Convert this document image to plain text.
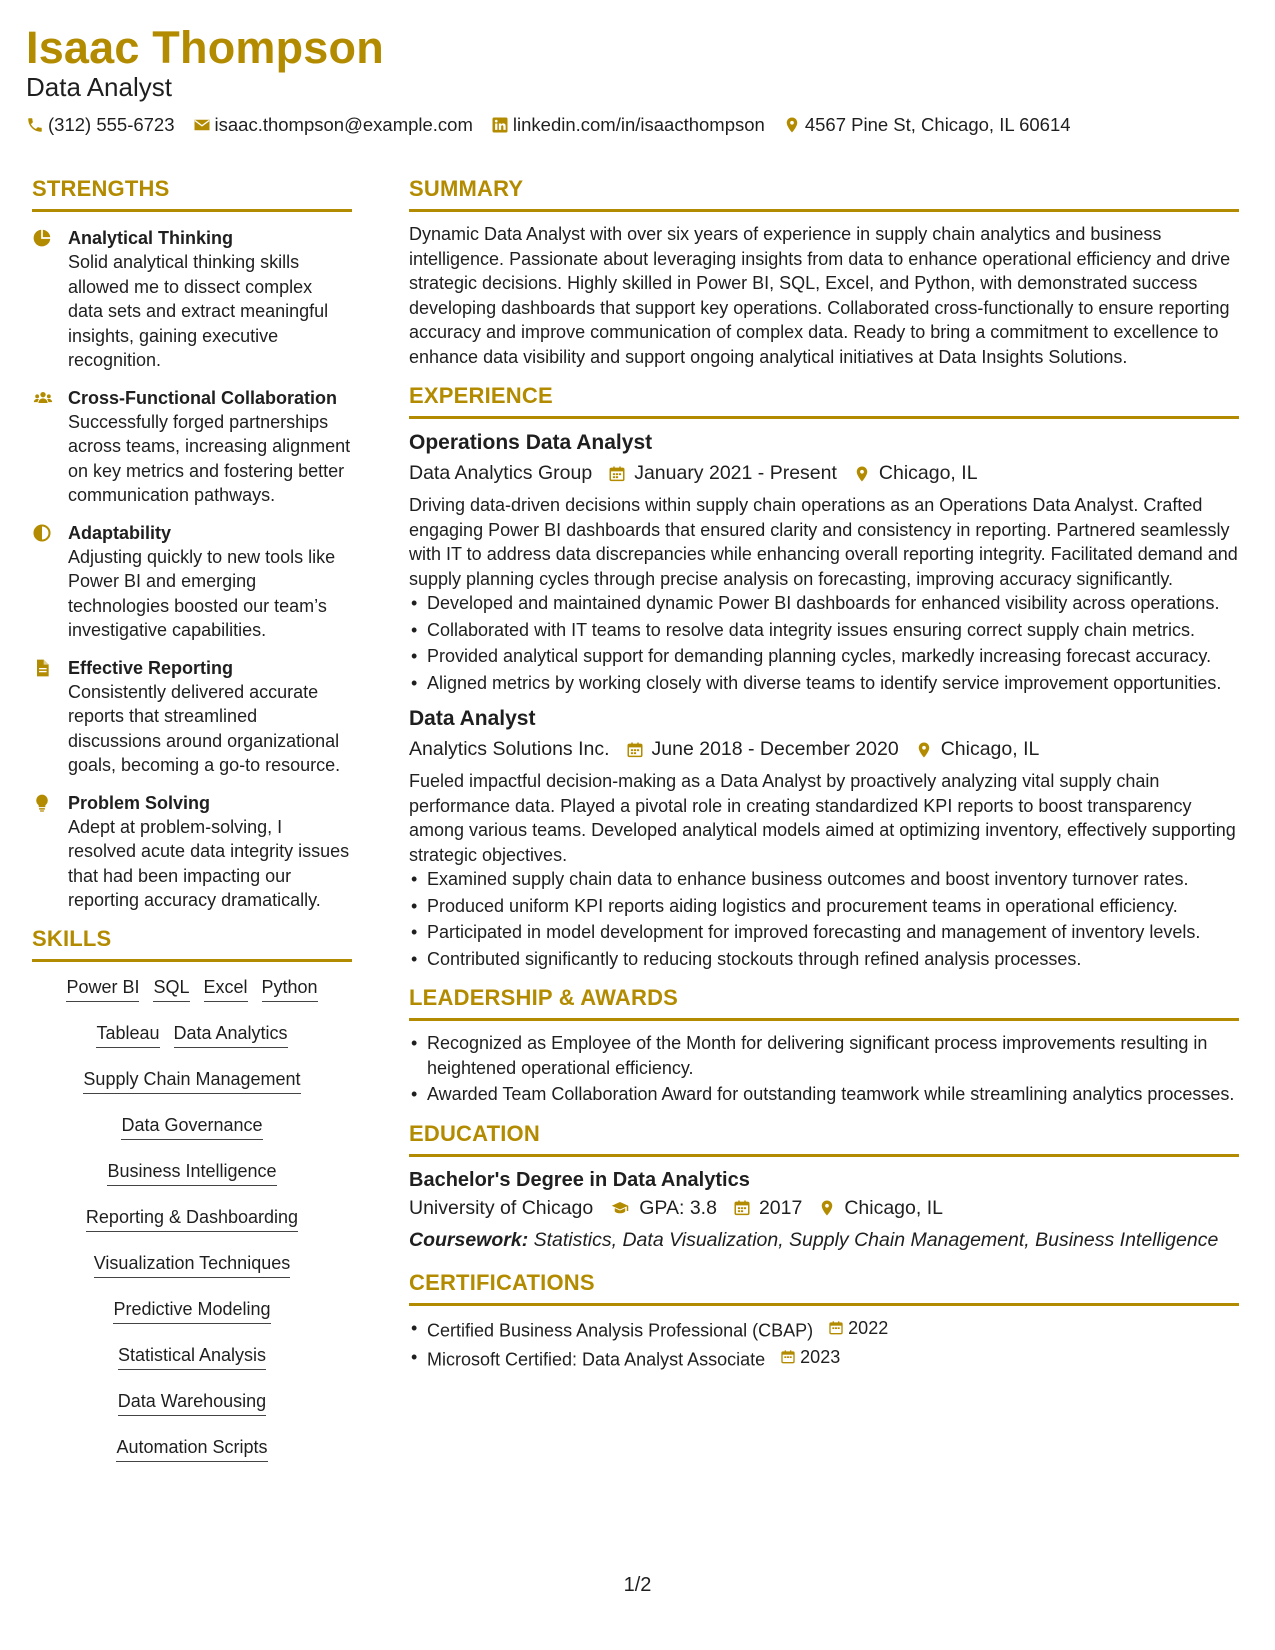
Isaac Thompson
Data Analyst
(312) 555-6723 isaac.thompson@example.com linkedin.com/in/isaacthompson 4567 Pine St, Chicago, IL 60614
STRENGTHS
Analytical Thinking
Solid analytical thinking skills allowed me to dissect complex data sets and extract meaningful insights, gaining executive recognition.
Cross-Functional Collaboration
Successfully forged partnerships across teams, increasing alignment on key metrics and fostering better communication pathways.
Adaptability
Adjusting quickly to new tools like Power BI and emerging technologies boosted our team’s investigative capabilities.
Effective Reporting
Consistently delivered accurate reports that streamlined discussions around organizational goals, becoming a go-to resource.
Problem Solving
Adept at problem-solving, I resolved acute data integrity issues that had been impacting our reporting accuracy dramatically.
SKILLS
Power BI SQL Excel Python
Tableau Data Analytics
Supply Chain Management
Data Governance
Business Intelligence
Reporting & Dashboarding
Visualization Techniques
Predictive Modeling
Statistical Analysis
Data Warehousing
Automation Scripts
SUMMARY
Dynamic Data Analyst with over six years of experience in supply chain analytics and business intelligence. Passionate about leveraging insights from data to enhance operational efficiency and drive strategic decisions. Highly skilled in Power BI, SQL, Excel, and Python, with demonstrated success developing dashboards that support key operations. Collaborated cross-functionally to ensure reporting accuracy and improve communication of complex data. Ready to bring a commitment to excellence to enhance data visibility and support ongoing analytical initiatives at Data Insights Solutions.
EXPERIENCE
Operations Data Analyst
Data Analytics Group January 2021 - Present Chicago, IL
Driving data-driven decisions within supply chain operations as an Operations Data Analyst. Crafted engaging Power BI dashboards that ensured clarity and consistency in reporting. Partnered seamlessly with IT to address data discrepancies while enhancing overall reporting integrity. Facilitated demand and supply planning cycles through precise analysis on forecasting, improving accuracy significantly.
• Developed and maintained dynamic Power BI dashboards for enhanced visibility across operations.
• Collaborated with IT teams to resolve data integrity issues ensuring correct supply chain metrics.
• Provided analytical support for demanding planning cycles, markedly increasing forecast accuracy.
• Aligned metrics by working closely with diverse teams to identify service improvement opportunities.
Data Analyst
Analytics Solutions Inc. June 2018 - December 2020 Chicago, IL
Fueled impactful decision-making as a Data Analyst by proactively analyzing vital supply chain performance data. Played a pivotal role in creating standardized KPI reports to boost transparency among various teams. Developed analytical models aimed at optimizing inventory, effectively supporting strategic objectives.
• Examined supply chain data to enhance business outcomes and boost inventory turnover rates.
• Produced uniform KPI reports aiding logistics and procurement teams in operational efficiency.
• Participated in model development for improved forecasting and management of inventory levels.
• Contributed significantly to reducing stockouts through refined analysis processes.
LEADERSHIP & AWARDS
• Recognized as Employee of the Month for delivering significant process improvements resulting in heightened operational efficiency.
• Awarded Team Collaboration Award for outstanding teamwork while streamlining analytics processes.
EDUCATION
Bachelor's Degree in Data Analytics
University of Chicago GPA: 3.8 2017 Chicago, IL
Coursework: Statistics, Data Visualization, Supply Chain Management, Business Intelligence
CERTIFICATIONS
• Certified Business Analysis Professional (CBAP) 2022
• Microsoft Certified: Data Analyst Associate 2023
1/2
